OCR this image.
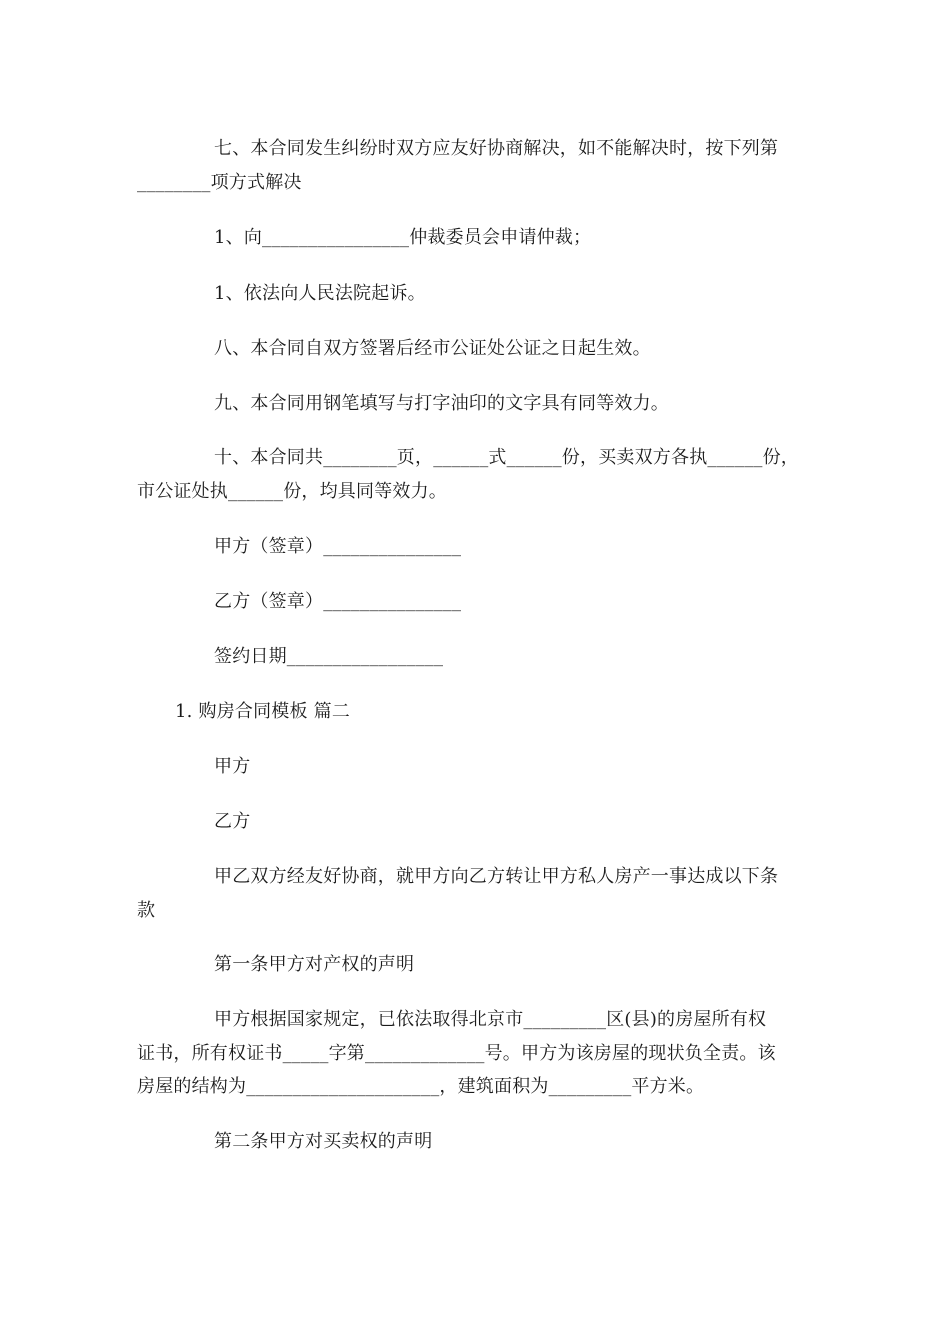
七、本合同发生纠纷时双方应友好协商解决，如不能解决时，按下列第
________项方式解决
1、向________________仲裁委员会申请仲裁；
1、依法向人民法院起诉。
八、本合同自双方签署后经市公证处公证之日起生效。
九、本合同用钢笔填写与打字油印的文字具有同等效力。
十、本合同共________页，______式______份，买卖双方各执______份，
市公证处执______份，均具同等效力。
甲方（签章）_______________
乙方（签章）_______________
签约日期_________________
1. 购房合同模板 篇二
甲方
乙方
甲乙双方经友好协商，就甲方向乙方转让甲方私人房产一事达成以下条
款
第一条甲方对产权的声明
甲方根据国家规定，已依法取得北京市_________区(县)的房屋所有权
证书，所有权证书_____字第_____________号。甲方为该房屋的现状负全责。该
房屋的结构为_____________________，建筑面积为_________平方米。
第二条甲方对买卖权的声明
